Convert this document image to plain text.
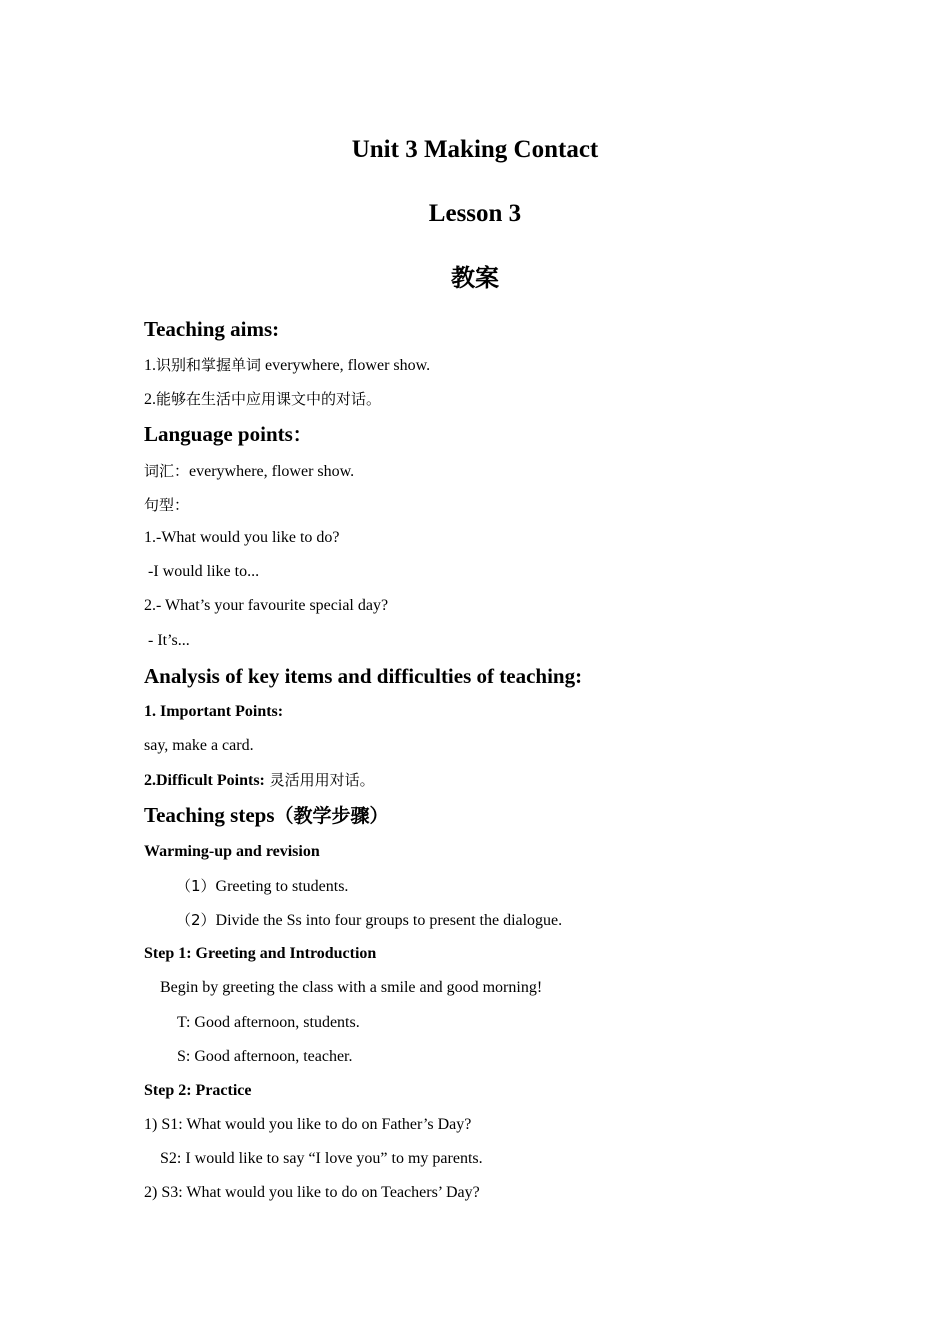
Unit 3 Making Contact
Lesson 3
教案
Teaching aims:
1.识别和掌握单词 everywhere, flower show.
2.能够在生活中应用课文中的对话。
Language points：
词汇：everywhere, flower show.
句型：
1.-What would you like to do?
-I would like to...
2.- What’s your favourite special day?
- It’s...
Analysis of key items and difficulties of teaching:
1. Important Points:
say, make a card.
2.Difficult Points: 灵活用用对话。
Teaching steps（教学步骤）
Warming-up and revision
（1）Greeting to students.
（2）Divide the Ss into four groups to present the dialogue.
Step 1: Greeting and Introduction
Begin by greeting the class with a smile and good morning!
T: Good afternoon, students.
S: Good afternoon, teacher.
Step 2: Practice
1) S1: What would you like to do on Father’s Day?
S2: I would like to say “I love you” to my parents.
2) S3: What would you like to do on Teachers’ Day?
